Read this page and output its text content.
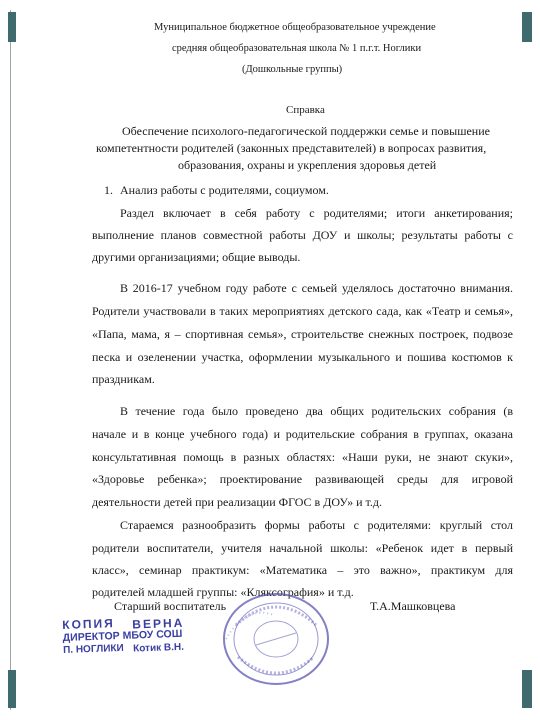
Муниципальное бюджетное общеобразовательное учреждение
средняя общеобразовательная школа № 1 п.г.т. Ноглики
(Дошкольные группы)
Справка
Обеспечение психолого-педагогической поддержки семье и повышение
компетентности родителей (законных представителей) в вопросах развития,
образования, охраны и укрепления здоровья детей
1. Анализ работы с родителями, социумом.
Раздел включает в себя работу с родителями; итоги анкетирования;
выполнение планов совместной работы ДОУ и школы; результаты работы с
другими организациями; общие выводы.
В 2016-17 учебном году работе с семьей уделялось достаточно внимания.
Родители участвовали в таких мероприятиях детского сада, как «Театр и семья»,
«Папа, мама, я – спортивная семья», строительстве снежных построек, подвозе
песка и озеленении участка, оформлении музыкального и пошива костюмов к
праздникам.
В течение года было проведено два общих родительских собрания (в
начале и в конце учебного года) и родительские собрания в группах, оказана
консультативная помощь в разных областях: «Наши руки, не знают скуки»,
«Здоровье ребенка»; проектирование развивающей среды для игровой
деятельности детей при реализации ФГОС в ДОУ» и т.д.
Стараемся разнообразить формы работы с родителями: круглый стол
родители воспитатели, учителя начальной школы: «Ребенок идет в первый
класс», семинар практикум: «Математика – это важно», практикум для
родителей младшей группы: «Кляксография» и т.д.
Старший воспитатель	Т.А.Машковцева
КОПИЯ ВЕРНА
ДИРЕКТОР МБОУ СОШ
П. НОГЛИКИ Котик В.Н.
